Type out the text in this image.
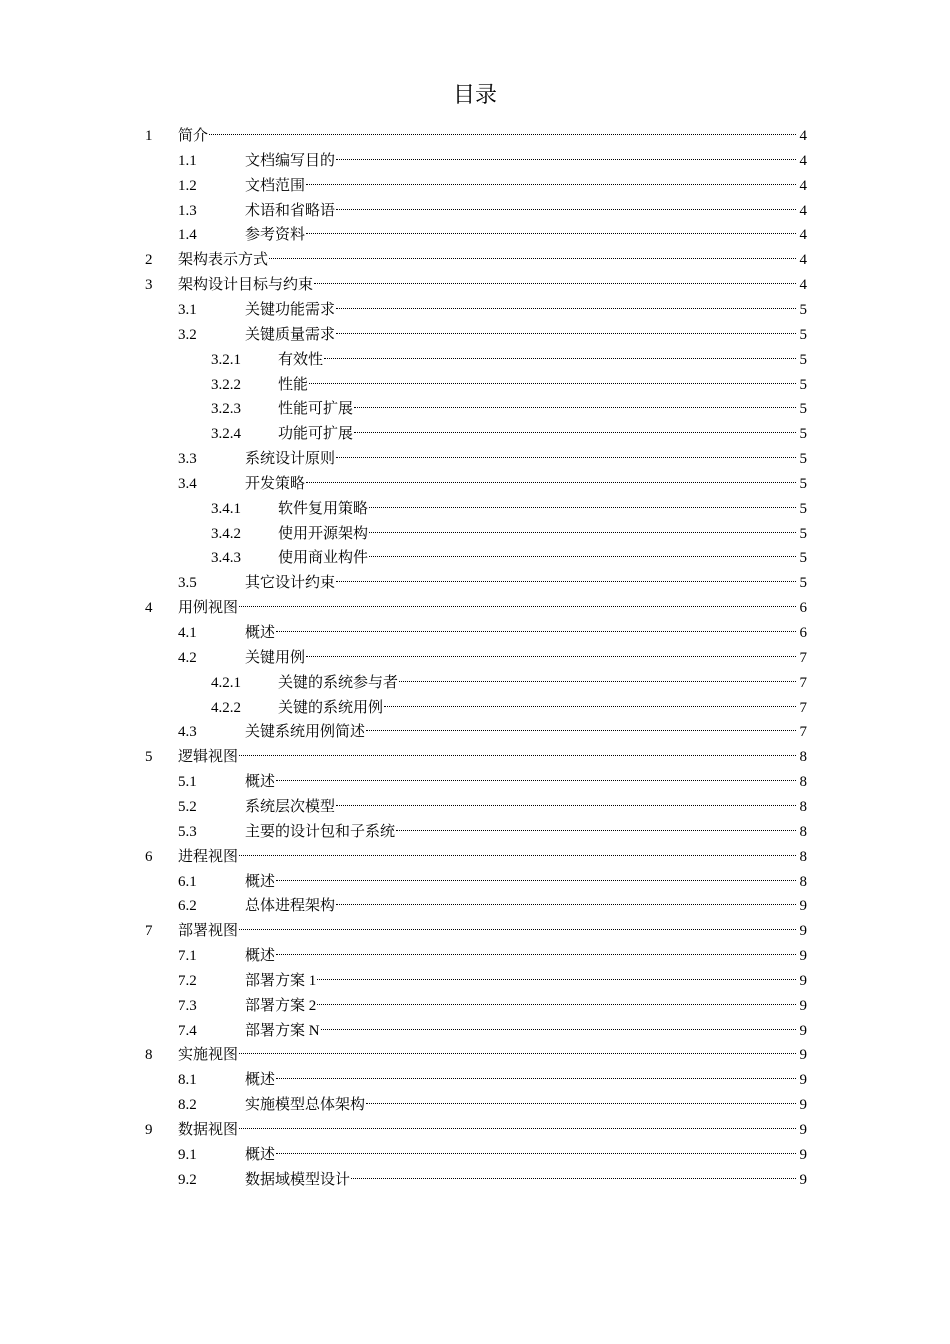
目录
1	简介	4
1.1	文档编写目的	4
1.2	文档范围	4
1.3	术语和省略语	4
1.4	参考资料	4
2	架构表示方式	4
3	架构设计目标与约束	4
3.1	关键功能需求	5
3.2	关键质量需求	5
3.2.1	有效性	5
3.2.2	性能	5
3.2.3	性能可扩展	5
3.2.4	功能可扩展	5
3.3	系统设计原则	5
3.4	开发策略	5
3.4.1	软件复用策略	5
3.4.2	使用开源架构	5
3.4.3	使用商业构件	5
3.5	其它设计约束	5
4	用例视图	6
4.1	概述	6
4.2	关键用例	7
4.2.1	关键的系统参与者	7
4.2.2	关键的系统用例	7
4.3	关键系统用例简述	7
5	逻辑视图	8
5.1	概述	8
5.2	系统层次模型	8
5.3	主要的设计包和子系统	8
6	进程视图	8
6.1	概述	8
6.2	总体进程架构	9
7	部署视图	9
7.1	概述	9
7.2	部署方案 1	9
7.3	部署方案 2	9
7.4	部署方案 N	9
8	实施视图	9
8.1	概述	9
8.2	实施模型总体架构	9
9	数据视图	9
9.1	概述	9
9.2	数据域模型设计	9
